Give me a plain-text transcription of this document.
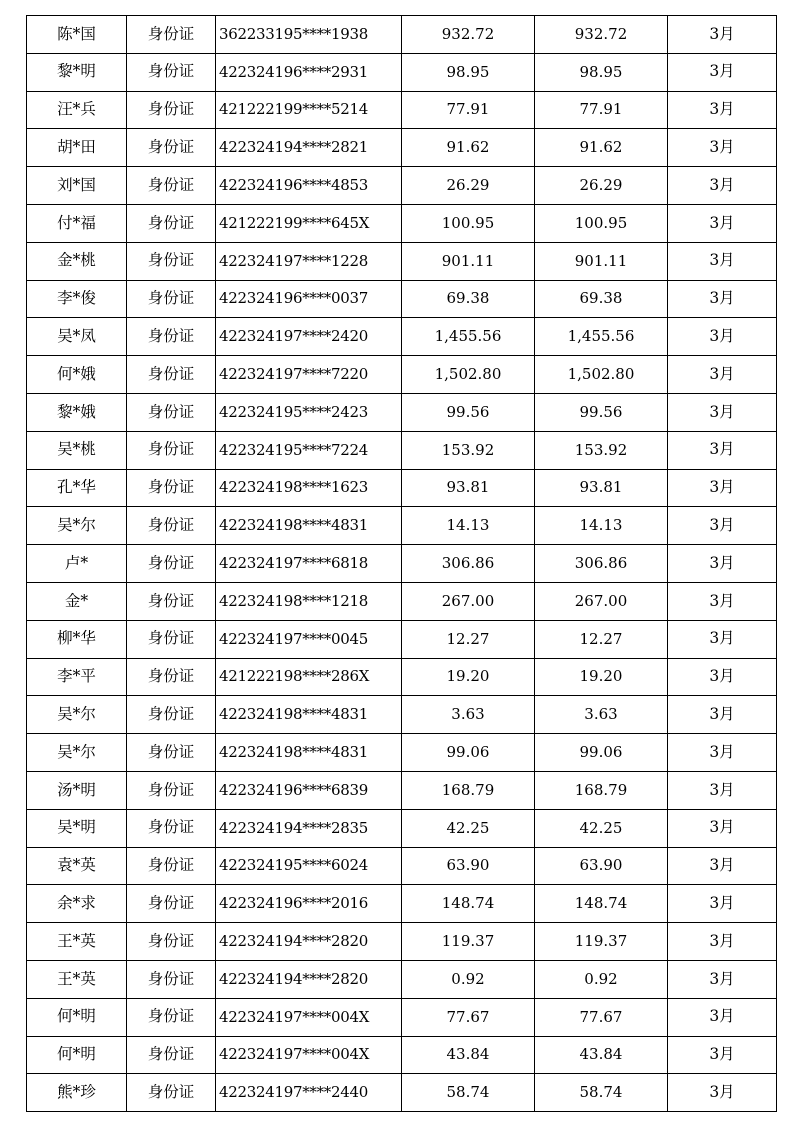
陈*国	身份证	362233195****1938	932.72	932.72	3月
黎*明	身份证	422324196****2931	98.95	98.95	3月
汪*兵	身份证	421222199****5214	77.91	77.91	3月
胡*田	身份证	422324194****2821	91.62	91.62	3月
刘*国	身份证	422324196****4853	26.29	26.29	3月
付*福	身份证	421222199****645X	100.95	100.95	3月
金*桃	身份证	422324197****1228	901.11	901.11	3月
李*俊	身份证	422324196****0037	69.38	69.38	3月
吴*凤	身份证	422324197****2420	1,455.56	1,455.56	3月
何*娥	身份证	422324197****7220	1,502.80	1,502.80	3月
黎*娥	身份证	422324195****2423	99.56	99.56	3月
吴*桃	身份证	422324195****7224	153.92	153.92	3月
孔*华	身份证	422324198****1623	93.81	93.81	3月
吴*尔	身份证	422324198****4831	14.13	14.13	3月
卢*	身份证	422324197****6818	306.86	306.86	3月
金*	身份证	422324198****1218	267.00	267.00	3月
柳*华	身份证	422324197****0045	12.27	12.27	3月
李*平	身份证	421222198****286X	19.20	19.20	3月
吴*尔	身份证	422324198****4831	3.63	3.63	3月
吴*尔	身份证	422324198****4831	99.06	99.06	3月
汤*明	身份证	422324196****6839	168.79	168.79	3月
吴*明	身份证	422324194****2835	42.25	42.25	3月
袁*英	身份证	422324195****6024	63.90	63.90	3月
余*求	身份证	422324196****2016	148.74	148.74	3月
王*英	身份证	422324194****2820	119.37	119.37	3月
王*英	身份证	422324194****2820	0.92	0.92	3月
何*明	身份证	422324197****004X	77.67	77.67	3月
何*明	身份证	422324197****004X	43.84	43.84	3月
熊*珍	身份证	422324197****2440	58.74	58.74	3月
